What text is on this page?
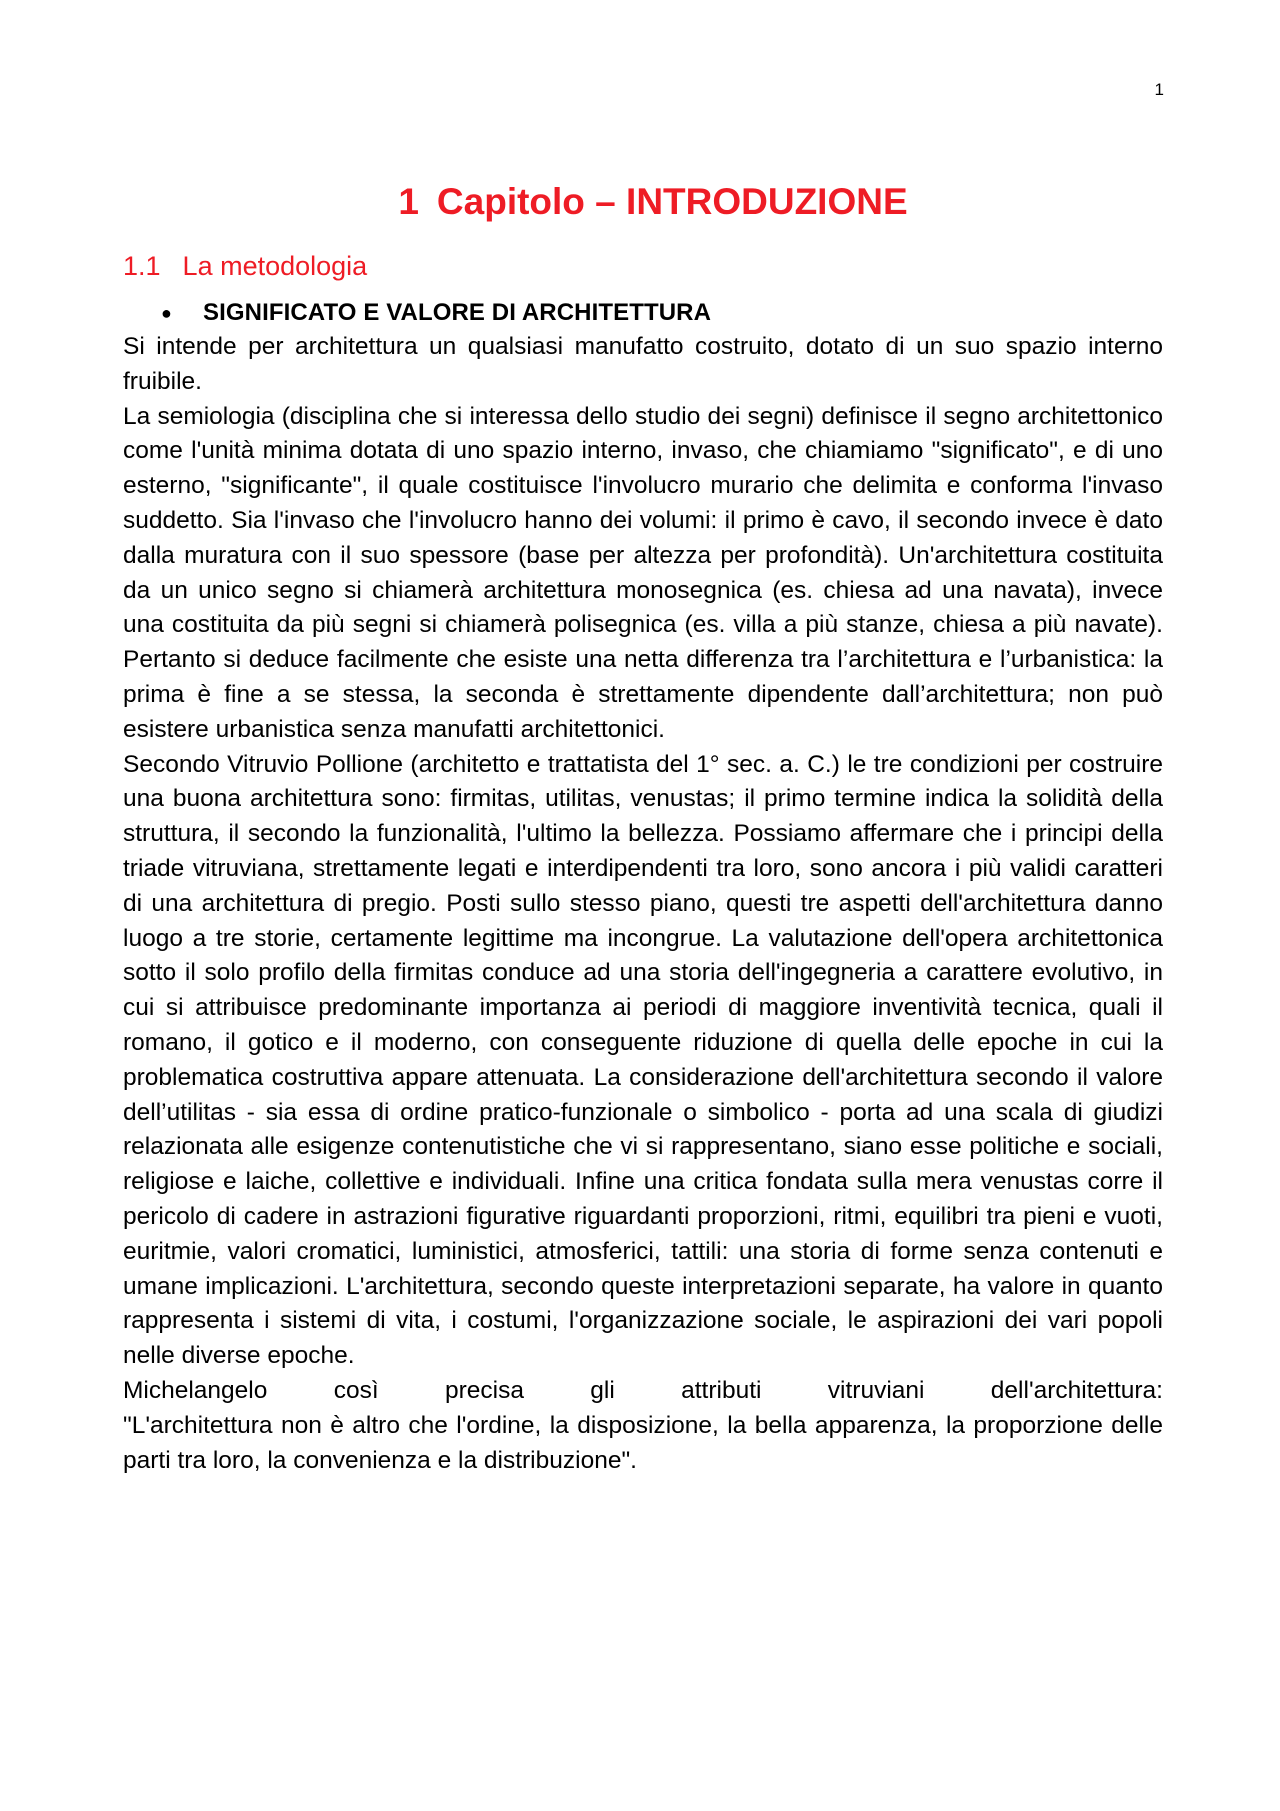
1
1 Capitolo – INTRODUZIONE
1.1 La metodologia
● SIGNIFICATO E VALORE DI ARCHITETTURA

Si intende per architettura un qualsiasi manufatto costruito, dotato di un suo spazio interno fruibile.

La semiologia (disciplina che si interessa dello studio dei segni) definisce il segno architettonico come l'unità minima dotata di uno spazio interno, invaso, che chiamiamo "significato", e di uno esterno, "significante", il quale costituisce l'involucro murario che delimita e conforma l'invaso suddetto. Sia l'invaso che l'involucro hanno dei volumi: il primo è cavo, il secondo invece è dato dalla muratura con il suo spessore (base per altezza per profondità). Un'architettura costituita da un unico segno si chiamerà architettura monosegnica (es. chiesa ad una navata), invece una costituita da più segni si chiamerà polisegnica (es. villa a più stanze, chiesa a più navate). Pertanto si deduce facilmente che esiste una netta differenza tra l’architettura e l’urbanistica: la prima è fine a se stessa, la seconda è strettamente dipendente dall’architettura; non può esistere urbanistica senza manufatti architettonici.

Secondo Vitruvio Pollione (architetto e trattatista del 1° sec. a. C.) le tre condizioni per costruire una buona architettura sono: firmitas, utilitas, venustas; il primo termine indica la solidità della struttura, il secondo la funzionalità, l'ultimo la bellezza. Possiamo affermare che i principi della triade vitruviana, strettamente legati e interdipendenti tra loro, sono ancora i più validi caratteri di una architettura di pregio. Posti sullo stesso piano, questi tre aspetti dell'architettura danno luogo a tre storie, certamente legittime ma incongrue. La valutazione dell'opera architettonica sotto il solo profilo della firmitas conduce ad una storia dell'ingegneria a carattere evolutivo, in cui si attribuisce predominante importanza ai periodi di maggiore inventività tecnica, quali il romano, il gotico e il moderno, con conseguente riduzione di quella delle epoche in cui la problematica costruttiva appare attenuata. La considerazione dell'architettura secondo il valore dell’utilitas - sia essa di ordine pratico-funzionale o simbolico - porta ad una scala di giudizi relazionata alle esigenze contenutistiche che vi si rappresentano, siano esse politiche e sociali, religiose e laiche, collettive e individuali. Infine una critica fondata sulla mera venustas corre il pericolo di cadere in astrazioni figurative riguardanti proporzioni, ritmi, equilibri tra pieni e vuoti, euritmie, valori cromatici, luministici, atmosferici, tattili: una storia di forme senza contenuti e umane implicazioni. L'architettura, secondo queste interpretazioni separate, ha valore in quanto rappresenta i sistemi di vita, i costumi, l'organizzazione sociale, le aspirazioni dei vari popoli nelle diverse epoche.

Michelangelo così precisa gli attributi vitruviani dell'architettura:

"L'architettura non è altro che l'ordine, la disposizione, la bella apparenza, la proporzione delle parti tra loro, la convenienza e la distribuzione".
